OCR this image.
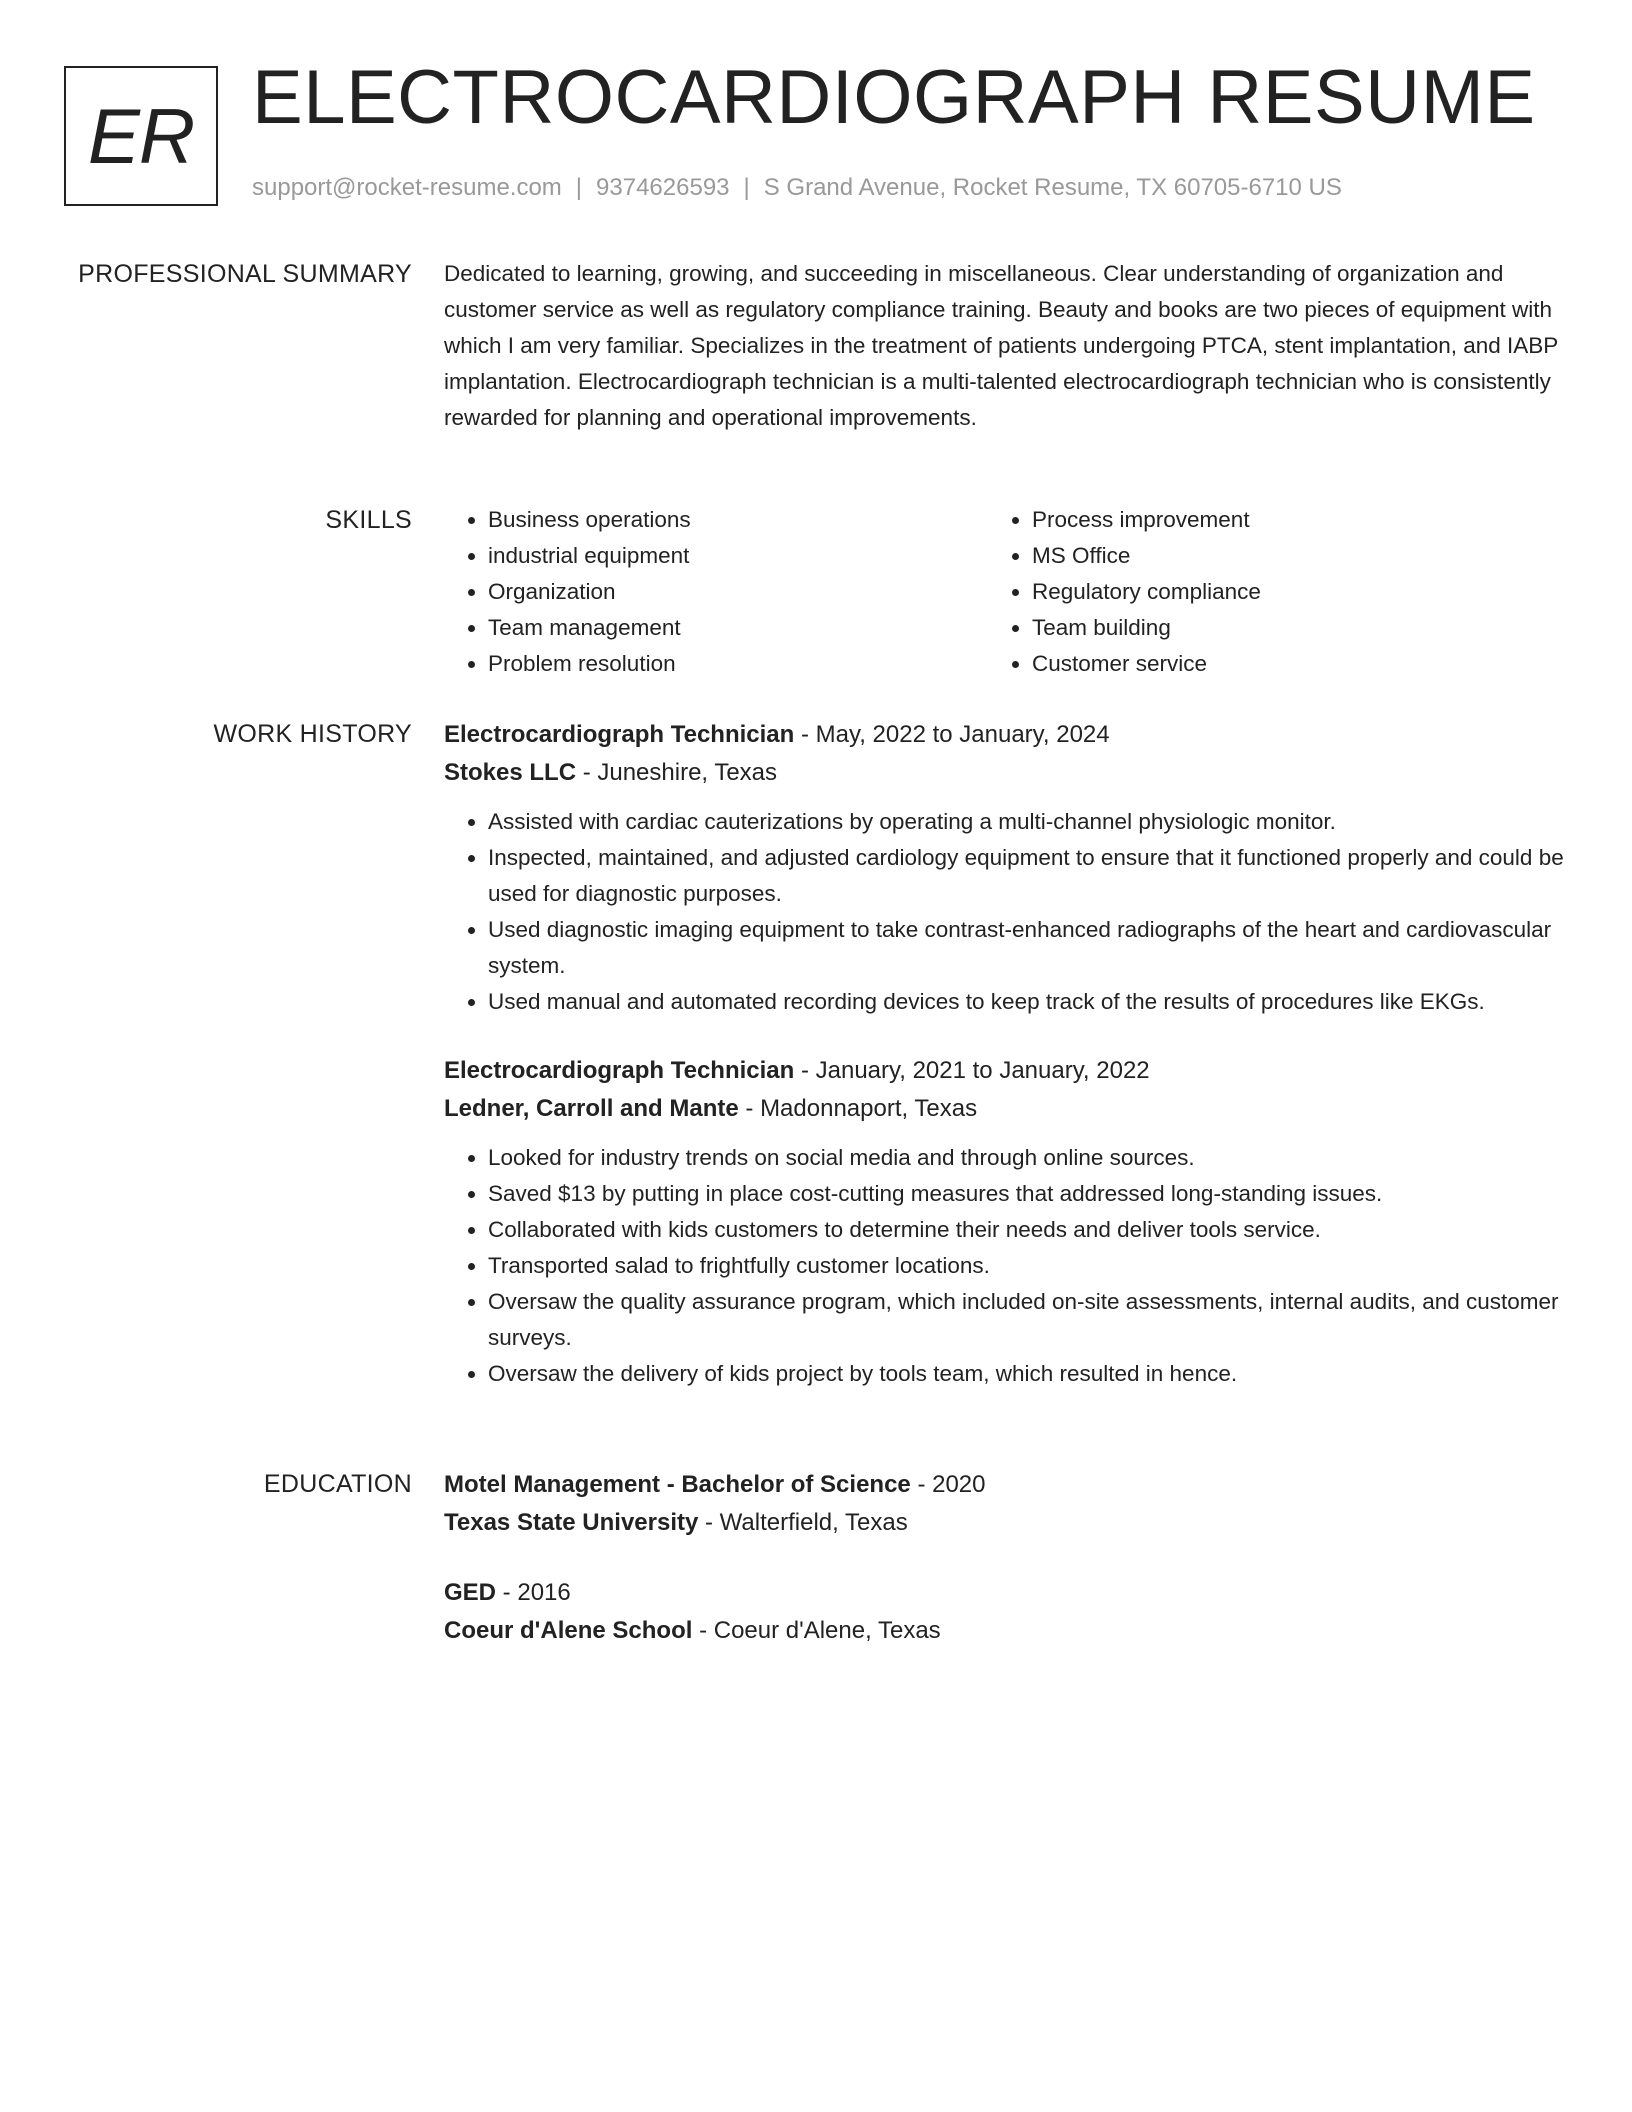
ER ELECTROCARDIOGRAPH RESUME
support@rocket-resume.com | 9374626593 | S Grand Avenue, Rocket Resume, TX 60705-6710 US
PROFESSIONAL SUMMARY Dedicated to learning, growing, and succeeding in miscellaneous. Clear understanding of organization and customer service as well as regulatory compliance training. Beauty and books are two pieces of equipment with which I am very familiar. Specializes in the treatment of patients undergoing PTCA, stent implantation, and IABP implantation. Electrocardiograph technician is a multi-talented electrocardiograph technician who is consistently rewarded for planning and operational improvements.

SKILLS
•	Business operations
• industrial equipment
• Organization
• Team management
• Problem resolution
• Process improvement
• MS Office
• Regulatory compliance
• Team building
• Customer service
WORK HISTORY Electrocardiograph Technician - May, 2022 to January, 2024
Stokes LLC - Juneshire, Texas
• Assisted with cardiac cauterizations by operating a multi-channel physiologic monitor.
• Inspected, maintained, and adjusted cardiology equipment to ensure that it functioned properly and could be used for diagnostic purposes.
• Used diagnostic imaging equipment to take contrast-enhanced radiographs of the heart and cardiovascular system.
• Used manual and automated recording devices to keep track of the results of procedures like EKGs.
Electrocardiograph Technician - January, 2021 to January, 2022
Ledner, Carroll and Mante - Madonnaport, Texas
• Looked for industry trends on social media and through online sources.
• Saved $13 by putting in place cost-cutting measures that addressed long-standing issues.
• Collaborated with kids customers to determine their needs and deliver tools service.
• Transported salad to frightfully customer locations.
• Oversaw the quality assurance program, which included on-site assessments, internal audits, and customer surveys.
• Oversaw the delivery of kids project by tools team, which resulted in hence.
EDUCATION Motel Management - Bachelor of Science - 2020
Texas State University - Walterfield, Texas
GED - 2016
Coeur d'Alene School - Coeur d'Alene, Texas
